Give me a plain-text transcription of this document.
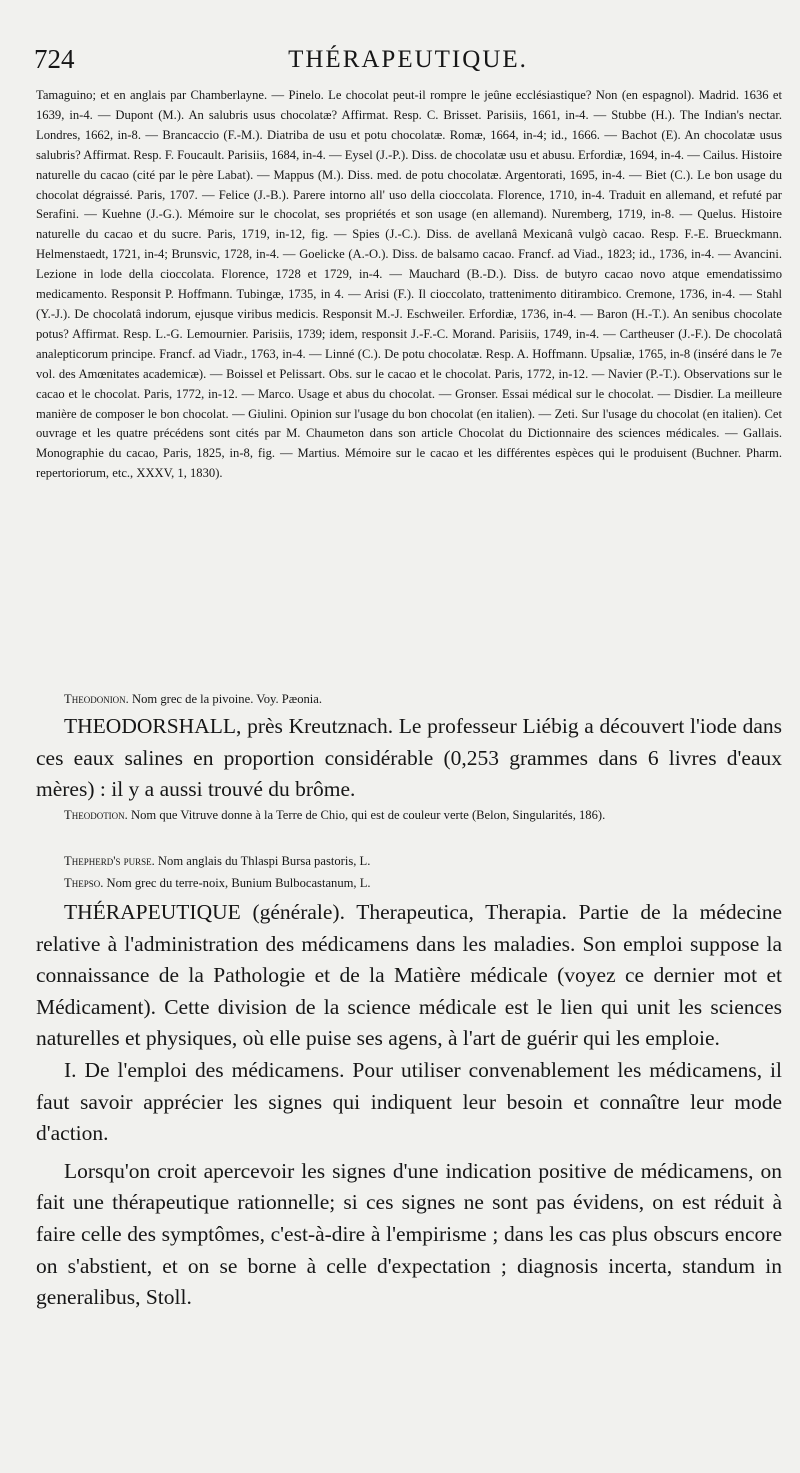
724	THÉRAPEUTIQUE.

Tamaguino; et en anglais par Chamberlayne. — Pinelo. Le chocolat peut-il rompre le jeûne ecclésiastique? Non (en espagnol). Madrid. 1636 et 1639, in-4. — Dupont (M.). An salubris usus chocolatæ? Affirmat. Resp. C. Brisset. Parisiis, 1661, in-4. — Stubbe (H.). The Indian's nectar. Londres, 1662, in-8. — Brancaccio (F.-M.). Diatriba de usu et potu chocolatæ. Romæ, 1664, in-4; id., 1666. — Bachot (E). An chocolatæ usus salubris? Affirmat. Resp. F. Foucault. Parisiis, 1684, in-4. — Eysel (J.-P.). Diss. de chocolatæ usu et abusu. Erfordiæ, 1694, in-4. — Cailus. Histoire naturelle du cacao (cité par le père Labat). — Mappus (M.). Diss. med. de potu chocolatæ. Argentorati, 1695, in-4. — Biet (C.). Le bon usage du chocolat dégraissé. Paris, 1707. — Felice (J.-B.). Parere intorno all' uso della cioccolata. Florence, 1710, in-4. Traduit en allemand, et refuté par Serafini. — Kuehne (J.-G.). Mémoire sur le chocolat, ses propriétés et son usage (en allemand). Nuremberg, 1719, in-8. — Quelus. Histoire naturelle du cacao et du sucre. Paris, 1719, in-12, fig. — Spies (J.-C.). Diss. de avellanâ Mexicanâ vulgò cacao. Resp. F.-E. Brueckmann. Helmenstaedt, 1721, in-4; Brunsvic, 1728, in-4. — Goelicke (A.-O.). Diss. de balsamo cacao. Francf. ad Viad., 1823; id., 1736, in-4. — Avancini. Lezione in lode della cioccolata. Florence, 1728 et 1729, in-4. — Mauchard (B.-D.). Diss. de butyro cacao novo atque emendatissimo medicamento. Responsit P. Hoffmann. Tubingæ, 1735, in 4. — Arisi (F.). Il cioccolato, trattenimento ditirambico. Cremone, 1736, in-4. — Stahl (Y.-J.). De chocolatâ indorum, ejusque viribus medicis. Responsit M.-J. Eschweiler. Erfordiæ, 1736, in-4. — Baron (H.-T.). An senibus chocolate potus? Affirmat. Resp. L.-G. Lemournier. Parisiis, 1739; idem, responsit J.-F.-C. Morand. Parisiis, 1749, in-4. — Cartheuser (J.-F.). De chocolatâ analepticorum principe. Francf. ad Viadr., 1763, in-4. — Linné (C.). De potu chocolatæ. Resp. A. Hoffmann. Upsaliæ, 1765, in-8 (inséré dans le 7e vol. des Amœnitates academicæ). — Boissel et Pelissart. Obs. sur le cacao et le chocolat. Paris, 1772, in-12. — Navier (P.-T.). Observations sur le cacao et le chocolat. Paris, 1772, in-12. — Marco. Usage et abus du chocolat. — Gronser. Essai médical sur le chocolat. — Disdier. La meilleure manière de composer le bon chocolat. — Giulini. Opinion sur l'usage du bon chocolat (en italien). — Zeti. Sur l'usage du chocolat (en italien). Cet ouvrage et les quatre précédens sont cités par M. Chaumeton dans son article Chocolat du Dictionnaire des sciences médicales. — Gallais. Monographie du cacao, Paris, 1825, in-8, fig. — Martius. Mémoire sur le cacao et les différentes espèces qui le produisent (Buchner. Pharm. repertoriorum, etc., XXXV, 1, 1830).

Theodonion. Nom grec de la pivoine. Voy. Pæonia.

THEODORSHALL, près Kreutznach. Le professeur Liébig a découvert l'iode dans ces eaux salines en proportion considérable (0,253 grammes dans 6 livres d'eaux mères) : il y a aussi trouvé du brôme.

Theodotion. Nom que Vitruve donne à la Terre de Chio, qui est de couleur verte (Belon, Singularités, 186).

Thepherd's purse. Nom anglais du Thlaspi Bursa pastoris, L.

Thepso. Nom grec du terre-noix, Bunium Bulbocastanum, L.

THÉRAPEUTIQUE (générale). Therapeutica, Therapia. Partie de la médecine relative à l'administration des médicamens dans les maladies. Son emploi suppose la connaissance de la Pathologie et de la Matière médicale (voyez ce dernier mot et Médicament). Cette division de la science médicale est le lien qui unit les sciences naturelles et physiques, où elle puise ses agens, à l'art de guérir qui les emploie.

I. De l'emploi des médicamens. Pour utiliser convenablement les médicamens, il faut savoir apprécier les signes qui indiquent leur besoin et connaître leur mode d'action.

Lorsqu'on croit apercevoir les signes d'une indication positive de médicamens, on fait une thérapeutique rationnelle; si ces signes ne sont pas évidens, on est réduit à faire celle des symptômes, c'est-à-dire à l'empirisme ; dans les cas plus obscurs encore on s'abstient, et on se borne à celle d'expectation ; diagnosis incerta, standum in generalibus, Stoll.
